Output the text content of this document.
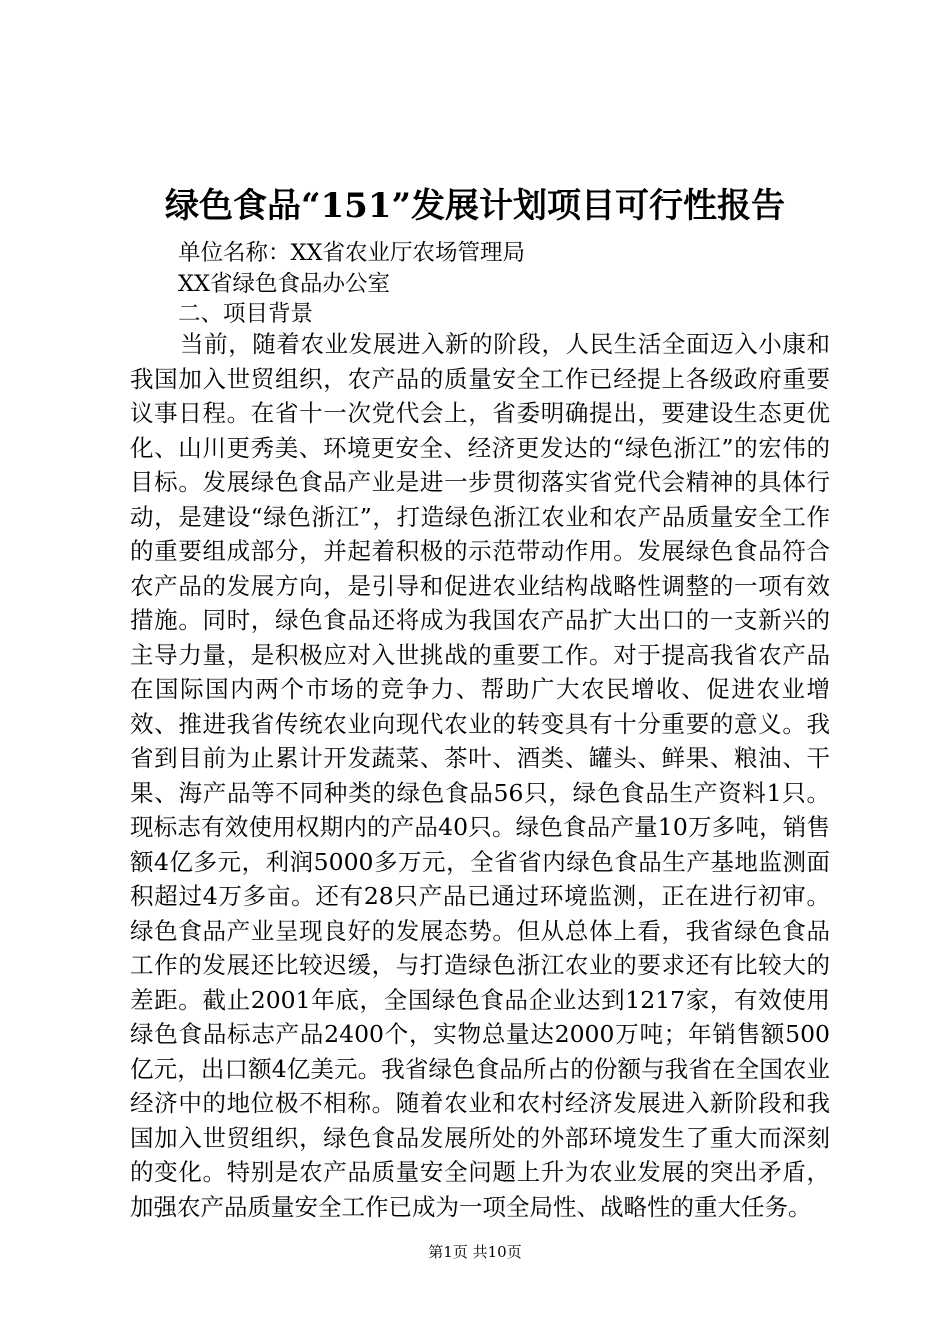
绿色食品“151”发展计划项目可行性报告
单位名称：XX省农业厅农场管理局
XX省绿色食品办公室
二、项目背景

当前，随着农业发展进入新的阶段，人民生活全面迈入小康和我国加入世贸组织，农产品的质量安全工作已经提上各级政府重要议事日程。在省十一次党代会上，省委明确提出，要建设生态更优化、山川更秀美、环境更安全、经济更发达的“绿色浙江”的宏伟的目标。发展绿色食品产业是进一步贯彻落实省党代会精神的具体行动，是建设“绿色浙江”，打造绿色浙江农业和农产品质量安全工作的重要组成部分，并起着积极的示范带动作用。发展绿色食品符合农产品的发展方向，是引导和促进农业结构战略性调整的一项有效措施。同时，绿色食品还将成为我国农产品扩大出口的一支新兴的主导力量，是积极应对入世挑战的重要工作。对于提高我省农产品在国际国内两个市场的竞争力、帮助广大农民增收、促进农业增效、推进我省传统农业向现代农业的转变具有十分重要的意义。我省到目前为止累计开发蔬菜、茶叶、酒类、罐头、鲜果、粮油、干果、海产品等不同种类的绿色食品56只，绿色食品生产资料1只。现标志有效使用权期内的产品40只。绿色食品产量10万多吨，销售额4亿多元，利润5000多万元，全省省内绿色食品生产基地监测面积超过4万多亩。还有28只产品已通过环境监测，正在进行初审。绿色食品产业呈现良好的发展态势。但从总体上看，我省绿色食品工作的发展还比较迟缓，与打造绿色浙江农业的要求还有比较大的差距。截止2001年底，全国绿色食品企业达到1217家，有效使用绿色食品标志产品2400个，实物总量达2000万吨；年销售额500亿元，出口额4亿美元。我省绿色食品所占的份额与我省在全国农业经济中的地位极不相称。随着农业和农村经济发展进入新阶段和我国加入世贸组织，绿色食品发展所处的外部环境发生了重大而深刻的变化。特别是农产品质量安全问题上升为农业发展的突出矛盾，加强农产品质量安全工作已成为一项全局性、战略性的重大任务。

第1页 共10页
